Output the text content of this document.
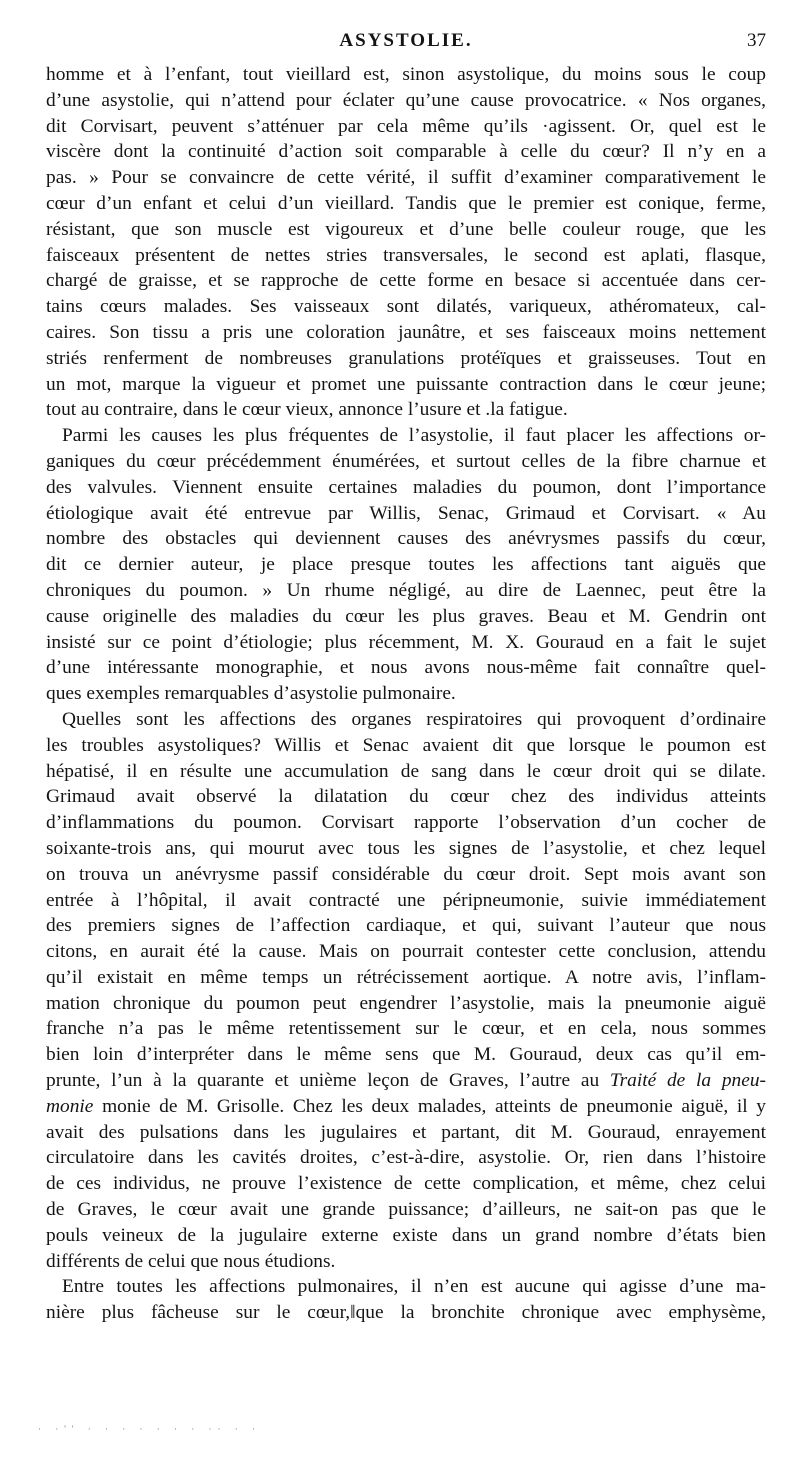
ASYSTOLIE.	37
homme et à l’enfant, tout vieillard est, sinon asystolique, du moins sous le coup
d’une asystolie, qui n’attend pour éclater qu’une cause provocatrice. « Nos organes,
dit Corvisart, peuvent s’atténuer par cela même qu’ils ·agissent. Or, quel est le
viscère dont la continuité d’action soit comparable à celle du cœur? Il n’y en a
pas. » Pour se convaincre de cette vérité, il suffit d’examiner comparativement le
cœur d’un enfant et celui d’un vieillard. Tandis que le premier est conique, ferme,
résistant, que son muscle est vigoureux et d’une belle couleur rouge, que les
faisceaux présentent de nettes stries transversales, le second est aplati, flasque,
chargé de graisse, et se rapproche de cette forme en besace si accentuée dans cer-
tains cœurs malades. Ses vaisseaux sont dilatés, variqueux, athéromateux, cal-
caires. Son tissu a pris une coloration jaunâtre, et ses faisceaux moins nettement
striés renferment de nombreuses granulations protéïques et graisseuses. Tout en
un mot, marque la vigueur et promet une puissante contraction dans le cœur jeune;
tout au contraire, dans le cœur vieux, annonce l’usure et .la fatigue.
Parmi les causes les plus fréquentes de l’asystolie, il faut placer les affections or-
ganiques du cœur précédemment énumérées, et surtout celles de la fibre charnue et
des valvules. Viennent ensuite certaines maladies du poumon, dont l’importance
étiologique avait été entrevue par Willis, Senac, Grimaud et Corvisart. « Au
nombre des obstacles qui deviennent causes des anévrysmes passifs du cœur,
dit ce dernier auteur, je place presque toutes les affections tant aiguës que
chroniques du poumon. » Un rhume négligé, au dire de Laennec, peut être la
cause originelle des maladies du cœur les plus graves. Beau et M. Gendrin ont
insisté sur ce point d’étiologie; plus récemment, M. X. Gouraud en a fait le sujet
d’une intéressante monographie, et nous avons nous-même fait connaître quel-
ques exemples remarquables d’asystolie pulmonaire.
Quelles sont les affections des organes respiratoires qui provoquent d’ordinaire
les troubles asystoliques? Willis et Senac avaient dit que lorsque le poumon est
hépatisé, il en résulte une accumulation de sang dans le cœur droit qui se dilate.
Grimaud avait observé la dilatation du cœur chez des individus atteints
d’inflammations du poumon. Corvisart rapporte l’observation d’un cocher de
soixante-trois ans, qui mourut avec tous les signes de l’asystolie, et chez lequel
on trouva un anévrysme passif considérable du cœur droit. Sept mois avant son
entrée à l’hôpital, il avait contracté une péripneumonie, suivie immédiatement
des premiers signes de l’affection cardiaque, et qui, suivant l’auteur que nous
citons, en aurait été la cause. Mais on pourrait contester cette conclusion, attendu
qu’il existait en même temps un rétrécissement aortique. A notre avis, l’inflam-
mation chronique du poumon peut engendrer l’asystolie, mais la pneumonie aiguë
franche n’a pas le même retentissement sur le cœur, et en cela, nous sommes
bien loin d’interpréter dans le même sens que M. Gouraud, deux cas qu’il em-
prunte, l’un à la quarante et unième leçon de Graves, l’autre au Traité de la pneu-
monie monie de M. Grisolle. Chez les deux malades, atteints de pneumonie aiguë, il y
avait des pulsations dans les jugulaires et partant, dit M. Gouraud, enrayement
circulatoire dans les cavités droites, c’est-à-dire, asystolie. Or, rien dans l’histoire
de ces individus, ne prouve l’existence de cette complication, et même, chez celui
de Graves, le cœur avait une grande puissance; d’ailleurs, ne sait-on pas que le
pouls veineux de la jugulaire externe existe dans un grand nombre d’états bien
différents de celui que nous étudions.
Entre toutes les affections pulmonaires, il n’en est aucune qui agisse d’une ma-
nière plus fâcheuse sur le cœur,‖que la bronchite chronique avec emphysème,
· ·'' · · · · · · · ·· · ·
